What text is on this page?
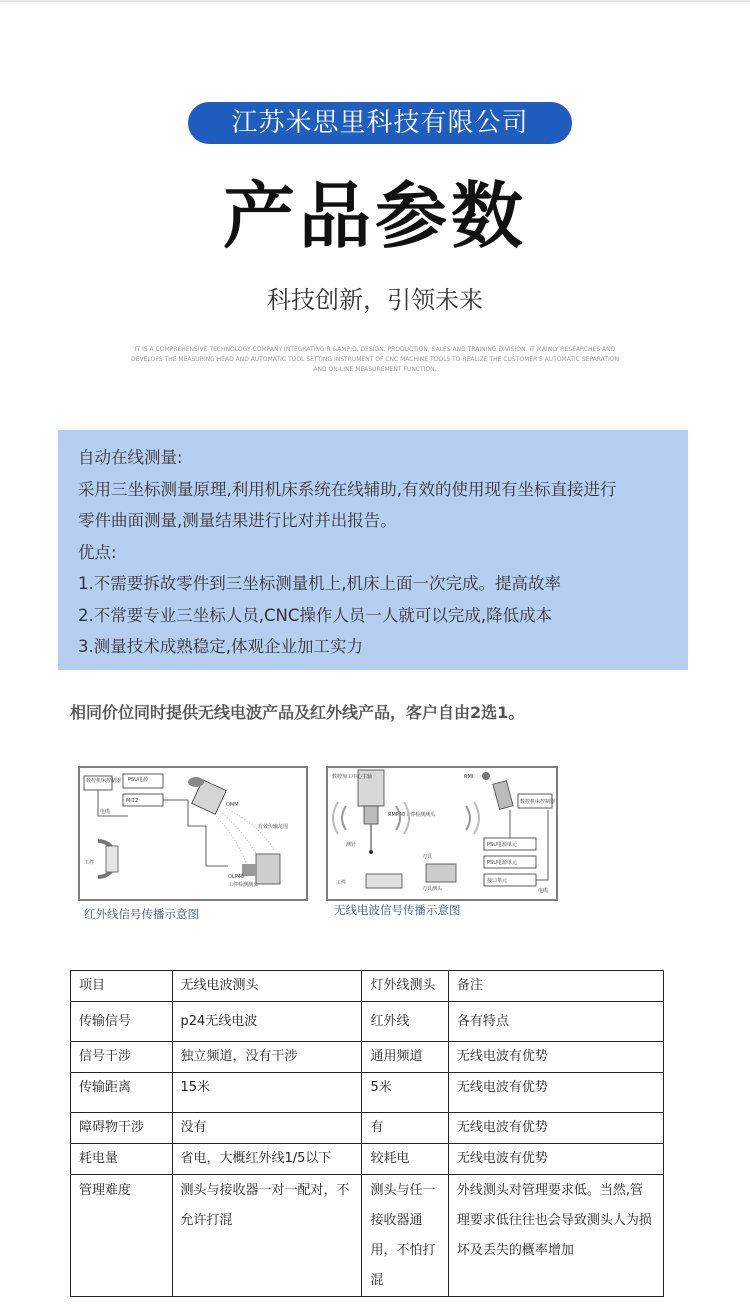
江苏米思里科技有限公司
产品参数
科技创新，引领未来
IT IS A COMPREHENSIVE TECHNOLOGY COMPANY INTEGRATING R &AMP;D, DESIGN, PRODUCTION, SALES AND TRAINING DIVISION. IT MAINLY RESEARCHES AND DEVELOPS THE MEASURING HEAD AND AUTOMATIC TOOL SETTING INSTRUMENT OF CNC MACHINE TOOLS TO REALIZE THE CUSTOMER'S AUTOMATIC SEPARATION AND ON-LINE MEASUREMENT FUNCTION.

自动在线测量:

采用三坐标测量原理,利用机床系统在线辅助,有效的使用现有坐标直接进行

零件曲面测量,测量结果进行比对并出报告。

优点:

1.不需要拆故零件到三坐标测量机上,机床上面一次完成。提高故率

2.不常要专业三坐标人员,CNC操作人员一人就可以完成,降低成本

3.测量技术成熟稳定,体观企业加工实力

相同价位同时提供无线电波产品及红外线产品，客户自由2选1。
数控机床控制器 PSU电源
MI12
电缆
OMM
有效传输范围
工件
OLP40
工件检测测头
红外线信号传播示意图
数控加工中心主轴
RMP40工件检测测头
测针
工件
刀具
刀具测头
RMI
数控机床控制器
PSU电源单元
PSU电源单元
接口单元
电缆
无线电波信号传播示意图
项目	无线电波测头	灯外线测头	备注
传输信号	p24无线电波	红外线	各有特点
信号干涉	独立频道，没有干涉	通用频道	无线电波有优势
传输距离	15米	5米	无线电波有优势
障碍物干涉	没有	有	无线电波有优势
耗电量	省电，大概红外线1/5以下	较耗电	无线电波有优势
管理难度	测头与接收器一对一配对，不允许打混	测头与任一接收器通用，不怕打混	外线测头对管理要求低。当然,管理要求低往往也会导致测头人为损坏及丢失的概率增加
